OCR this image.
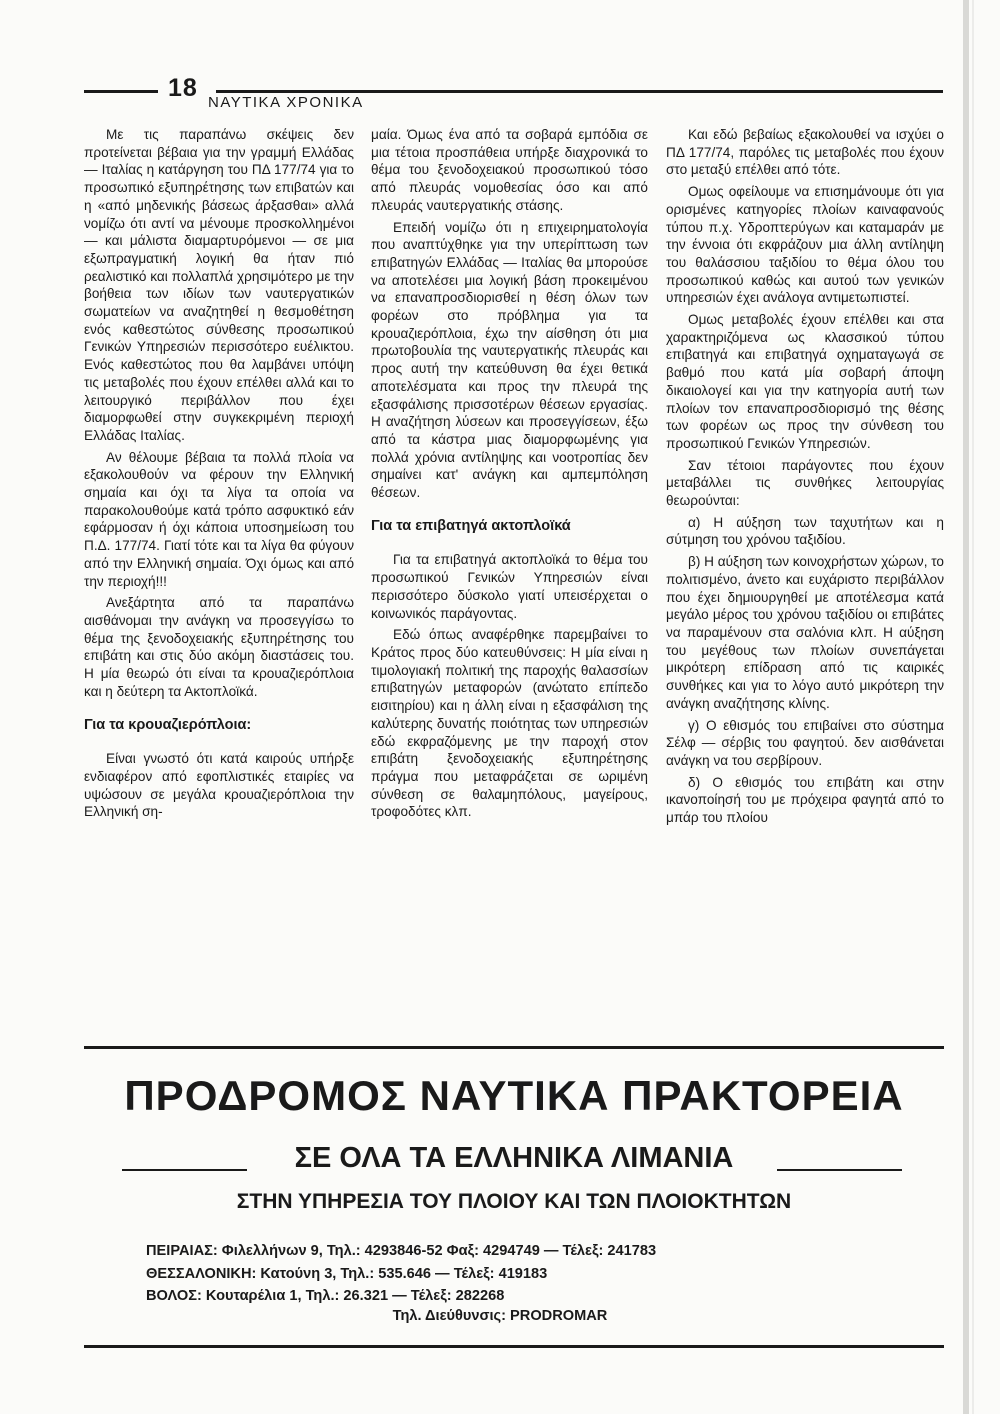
18
ΝΑΥΤΙΚΑ ΧΡΟΝΙΚΑ

Με τις παραπάνω σκέψεις δεν προτείνεται βέβαια για την γραμμή Ελλάδας — Ιταλίας η κατάργηση του ΠΔ 177/74 για το προσωπικό εξυπηρέτησης των επιβατών και η «από μηδενικής βάσεως άρξασθαι» αλλά νομίζω ότι αντί να μένουμε προσκολλημένοι — και μάλιστα διαμαρτυρόμενοι — σε μια εξωπραγματική λογική θα ήταν πιό ρεαλιστικό και πολλαπλά χρησιμότερο με την βοήθεια των ιδίων των ναυτεργατικών σωματείων να αναζητηθεί η θεσμοθέτηση ενός καθεστώτος σύνθεσης προσωπικού Γενικών Υπηρεσιών περισσότερο ευέλικτου. Ενός καθεστώτος που θα λαμβάνει υπόψη τις μεταβολές που έχουν επέλθει αλλά και το λειτουργικό περιβάλλον που έχει διαμορφωθεί στην συγκεκριμένη περιοχή Ελλάδας Ιταλίας.

Αν θέλουμε βέβαια τα πολλά πλοία να εξακολουθούν να φέρουν την Ελληνική σημαία και όχι τα λίγα τα οποία να παρακολουθούμε κατά τρόπο ασφυκτικό εάν εφάρμοσαν ή όχι κάποια υποσημείωση του Π.Δ. 177/74. Γιατί τότε και τα λίγα θα φύγουν από την Ελληνική σημαία. Όχι όμως και από την περιοχή!!!

Ανεξάρτητα από τα παραπάνω αισθάνομαι την ανάγκη να προσεγγίσω το θέμα της ξενοδοχειακής εξυπηρέτησης του επιβάτη και στις δύο ακόμη διαστάσεις του. Η μία θεωρώ ότι είναι τα κρουαζιερόπλοια και η δεύτερη τα Ακτοπλοϊκά.

Για τα κρουαζιερόπλοια:

Είναι γνωστό ότι κατά καιρούς υπήρξε ενδιαφέρον από εφοπλιστικές εταιρίες να υψώσουν σε μεγάλα κρουαζιερόπλοια την Ελληνική ση-

μαία. Όμως ένα από τα σοβαρά εμπόδια σε μια τέτοια προσπάθεια υπήρξε διαχρονικά το θέμα του ξενοδοχειακού προσωπικού τόσο από πλευράς νομοθεσίας όσο και από πλευράς ναυτεργατικής στάσης.

Επειδή νομίζω ότι η επιχειρηματολογία που αναπτύχθηκε για την υπερίπτωση των επιβατηγών Ελλάδας — Ιταλίας θα μπορούσε να αποτελέσει μια λογική βάση προκειμένου να επαναπροσδιορισθεί η θέση όλων των φορέων στο πρόβλημα για τα κρουαζιερόπλοια, έχω την αίσθηση ότι μια πρωτοβουλία της ναυτεργατικής πλευράς και προς αυτή την κατεύθυνση θα έχει θετικά αποτελέσματα και προς την πλευρά της εξασφάλισης πρισσοτέρων θέσεων εργασίας. Η αναζήτηση λύσεων και προσεγγίσεων, έξω από τα κάστρα μιας διαμορφωμένης για πολλά χρόνια αντίληψης και νοοτροπίας δεν σημαίνει κατ' ανάγκη και αμπεμπόληση θέσεων.

Για τα επιβατηγά ακτοπλοϊκά

Για τα επιβατηγά ακτοπλοϊκά το θέμα του προσωπικού Γενικών Υπηρεσιών είναι περισσότερο δύσκολο γιατί υπεισέρχεται ο κοινωνικός παράγοντας.

Εδώ όπως αναφέρθηκε παρεμβαίνει το Κράτος προς δύο κατευθύνσεις: Η μία είναι η τιμολογιακή πολιτική της παροχής θαλασσίων επιβατηγών μεταφορών (ανώτατο επίπεδο εισιτηρίου) και η άλλη είναι η εξασφάλιση της καλύτερης δυνατής ποιότητας των υπηρεσιών εδώ εκφραζόμενης με την παροχή στον επιβάτη ξενοδοχειακής εξυπηρέτησης πράγμα που μεταφράζεται σε ωριμένη σύνθεση σε θαλαμηπόλους, μαγείρους, τροφοδότες κλπ.

Και εδώ βεβαίως εξακολουθεί να ισχύει ο ΠΔ 177/74, παρόλες τις μεταβολές που έχουν στο μεταξύ επέλθει από τότε.

Ομως οφείλουμε να επισημάνουμε ότι για ορισμένες κατηγορίες πλοίων καιναφανούς τύπου π.χ. Υδροπτερύγων και καταμαράν με την έννοια ότι εκφράζουν μια άλλη αντίληψη του θαλάσσιου ταξιδίου το θέμα όλου του προσωπικού καθώς και αυτού των γενικών υπηρεσιών έχει ανάλογα αντιμετωπιστεί.

Ομως μεταβολές έχουν επέλθει και στα χαρακτηριζόμενα ως κλασσικού τύπου επιβατηγά και επιβατηγά οχηματαγωγά σε βαθμό που κατά μία σοβαρή άποψη δικαιολογεί και για την κατηγορία αυτή των πλοίων τον επαναπροσδιορισμό της θέσης των φορέων ως προς την σύνθεση του προσωπικού Γενικών Υπηρεσιών.

Σαν τέτοιοι παράγοντες που έχουν μεταβάλλει τις συνθήκες λειτουργίας θεωρούνται:

α) Η αύξηση των ταχυτήτων και η σύτμηση του χρόνου ταξιδίου.

β) Η αύξηση των κοινοχρήστων χώρων, το πολιτισμένο, άνετο και ευχάριστο περιβάλλον που έχει δημιουργηθεί με αποτέλεσμα κατά μεγάλο μέρος του χρόνου ταξιδίου οι επιβάτες να παραμένουν στα σαλόνια κλπ. Η αύξηση του μεγέθους των πλοίων συνεπάγεται μικρότερη επίδραση από τις καιρικές συνθήκες και για το λόγο αυτό μικρότερη την ανάγκη αναζήτησης κλίνης.

γ) Ο εθισμός του επιβαίνει στο σύστημα Σέλφ — σέρβις του φαγητού. δεν αισθάνεται ανάγκη να του σερβίρουν.

δ) Ο εθισμός του επιβάτη και στην ικανοποίησή του με πρόχειρα φαγητά από το μπάρ του πλοίου

ΠΡΟΔΡΟΜΟΣ ΝΑΥΤΙΚΑ ΠΡΑΚΤΟΡΕΙΑ
ΣΕ ΟΛΑ ΤΑ ΕΛΛΗΝΙΚΑ ΛΙΜΑΝΙΑ
ΣΤΗΝ ΥΠΗΡΕΣΙΑ ΤΟΥ ΠΛΟΙΟΥ ΚΑΙ ΤΩΝ ΠΛΟΙΟΚΤΗΤΩΝ
ΠΕΙΡΑΙΑΣ: Φιλελλήνων 9, Τηλ.: 4293846-52 Φαξ: 4294749 — Τέλεξ: 241783
ΘΕΣΣΑΛΟΝΙΚΗ: Κατούνη 3, Τηλ.: 535.646 — Τέλεξ: 419183
ΒΟΛΟΣ: Κουταρέλια 1, Τηλ.: 26.321 — Τέλεξ: 282268
Τηλ. Διεύθυνσις: PRODROMAR
